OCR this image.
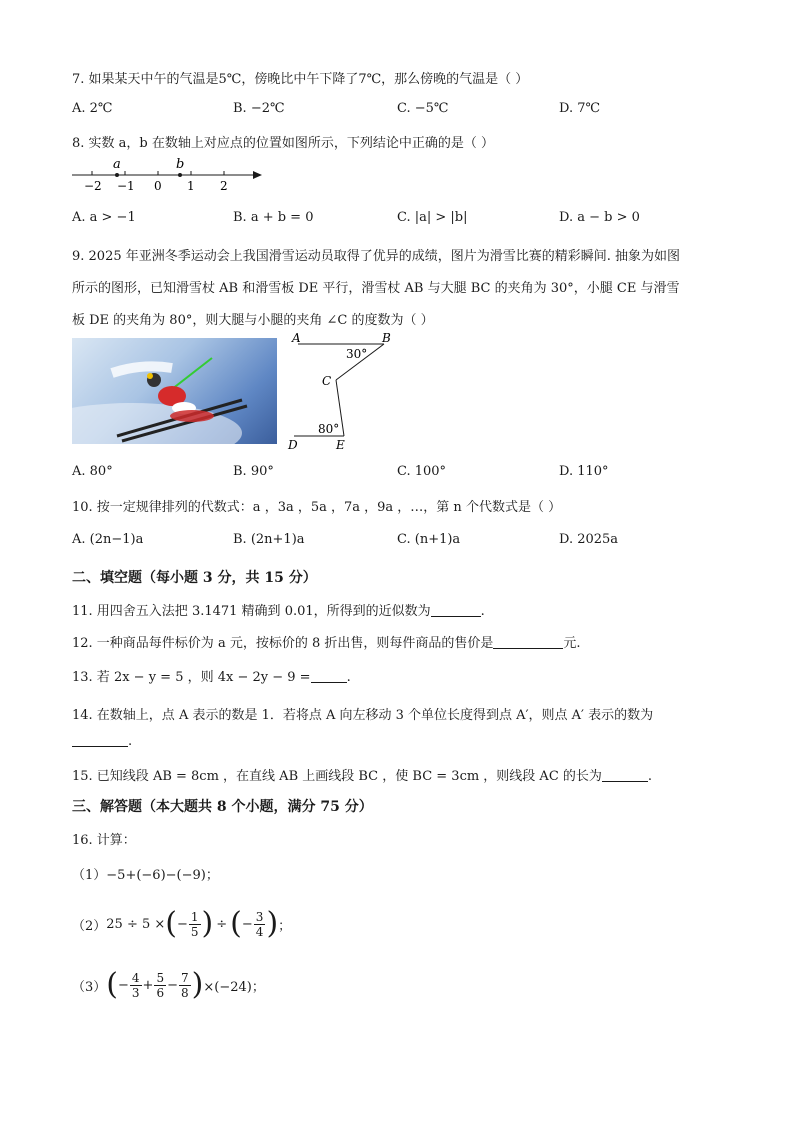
7. 如果某天中午的气温是5℃，傍晚比中午下降了7℃，那么傍晚的气温是（ ）
A. 2℃	B. −2℃	C. −5℃	D. 7℃
8. 实数 a，b 在数轴上对应点的位置如图所示，下列结论中正确的是（ ）
a	b
−2 −1 0 1 2
A. a > −1	B. a + b = 0	C. |a| > |b|	D. a − b > 0
9. 2025 年亚洲冬季运动会上我国滑雪运动员取得了优异的成绩，图片为滑雪比赛的精彩瞬间. 抽象为如图
所示的图形，已知滑雪杖 AB 和滑雪板 DE 平行，滑雪杖 AB 与大腿 BC 的夹角为 30°，小腿 CE 与滑雪
板 DE 的夹角为 80°，则大腿与小腿的夹角 ∠C 的度数为（ ）
A	B
C
D	E
30°
80°
A. 80°	B. 90°	C. 100°	D. 110°
10. 按一定规律排列的代数式：a ，3a ，5a ，7a ，9a ，…，第 n 个代数式是（ ）
A. (2n−1)a	B. (2n+1)a	C. (n+1)a	D. 2025a
二、填空题（每小题 3 分，共 15 分）
11. 用四舍五入法把 3.1471 精确到 0.01，所得到的近似数为	.
12. 一种商品每件标价为 a 元，按标价的 8 折出售，则每件商品的售价是	元.
13. 若 2x − y = 5 ，则 4x − 2y − 9 =	.
14. 在数轴上，点 A 表示的数是 1．若将点 A 向左移动 3 个单位长度得到点 A′，则点 A′ 表示的数为
.
15. 已知线段 AB = 8cm ，在直线 AB 上画线段 BC ，使 BC = 3cm ，则线段 AC 的长为	.
三、解答题（本大题共 8 个小题，满分 75 分）
16. 计算：
（1）−5+(−6)−(−9)；
（2） 25 ÷ 5 × ( − $\frac{1}{5}$ ) ÷ ( − $\frac{3}{4}$ ) ；
（3） ( − $\frac{4}{3} + \frac{5}{6} - \frac{7}{8}$ ) ×(−24)；
